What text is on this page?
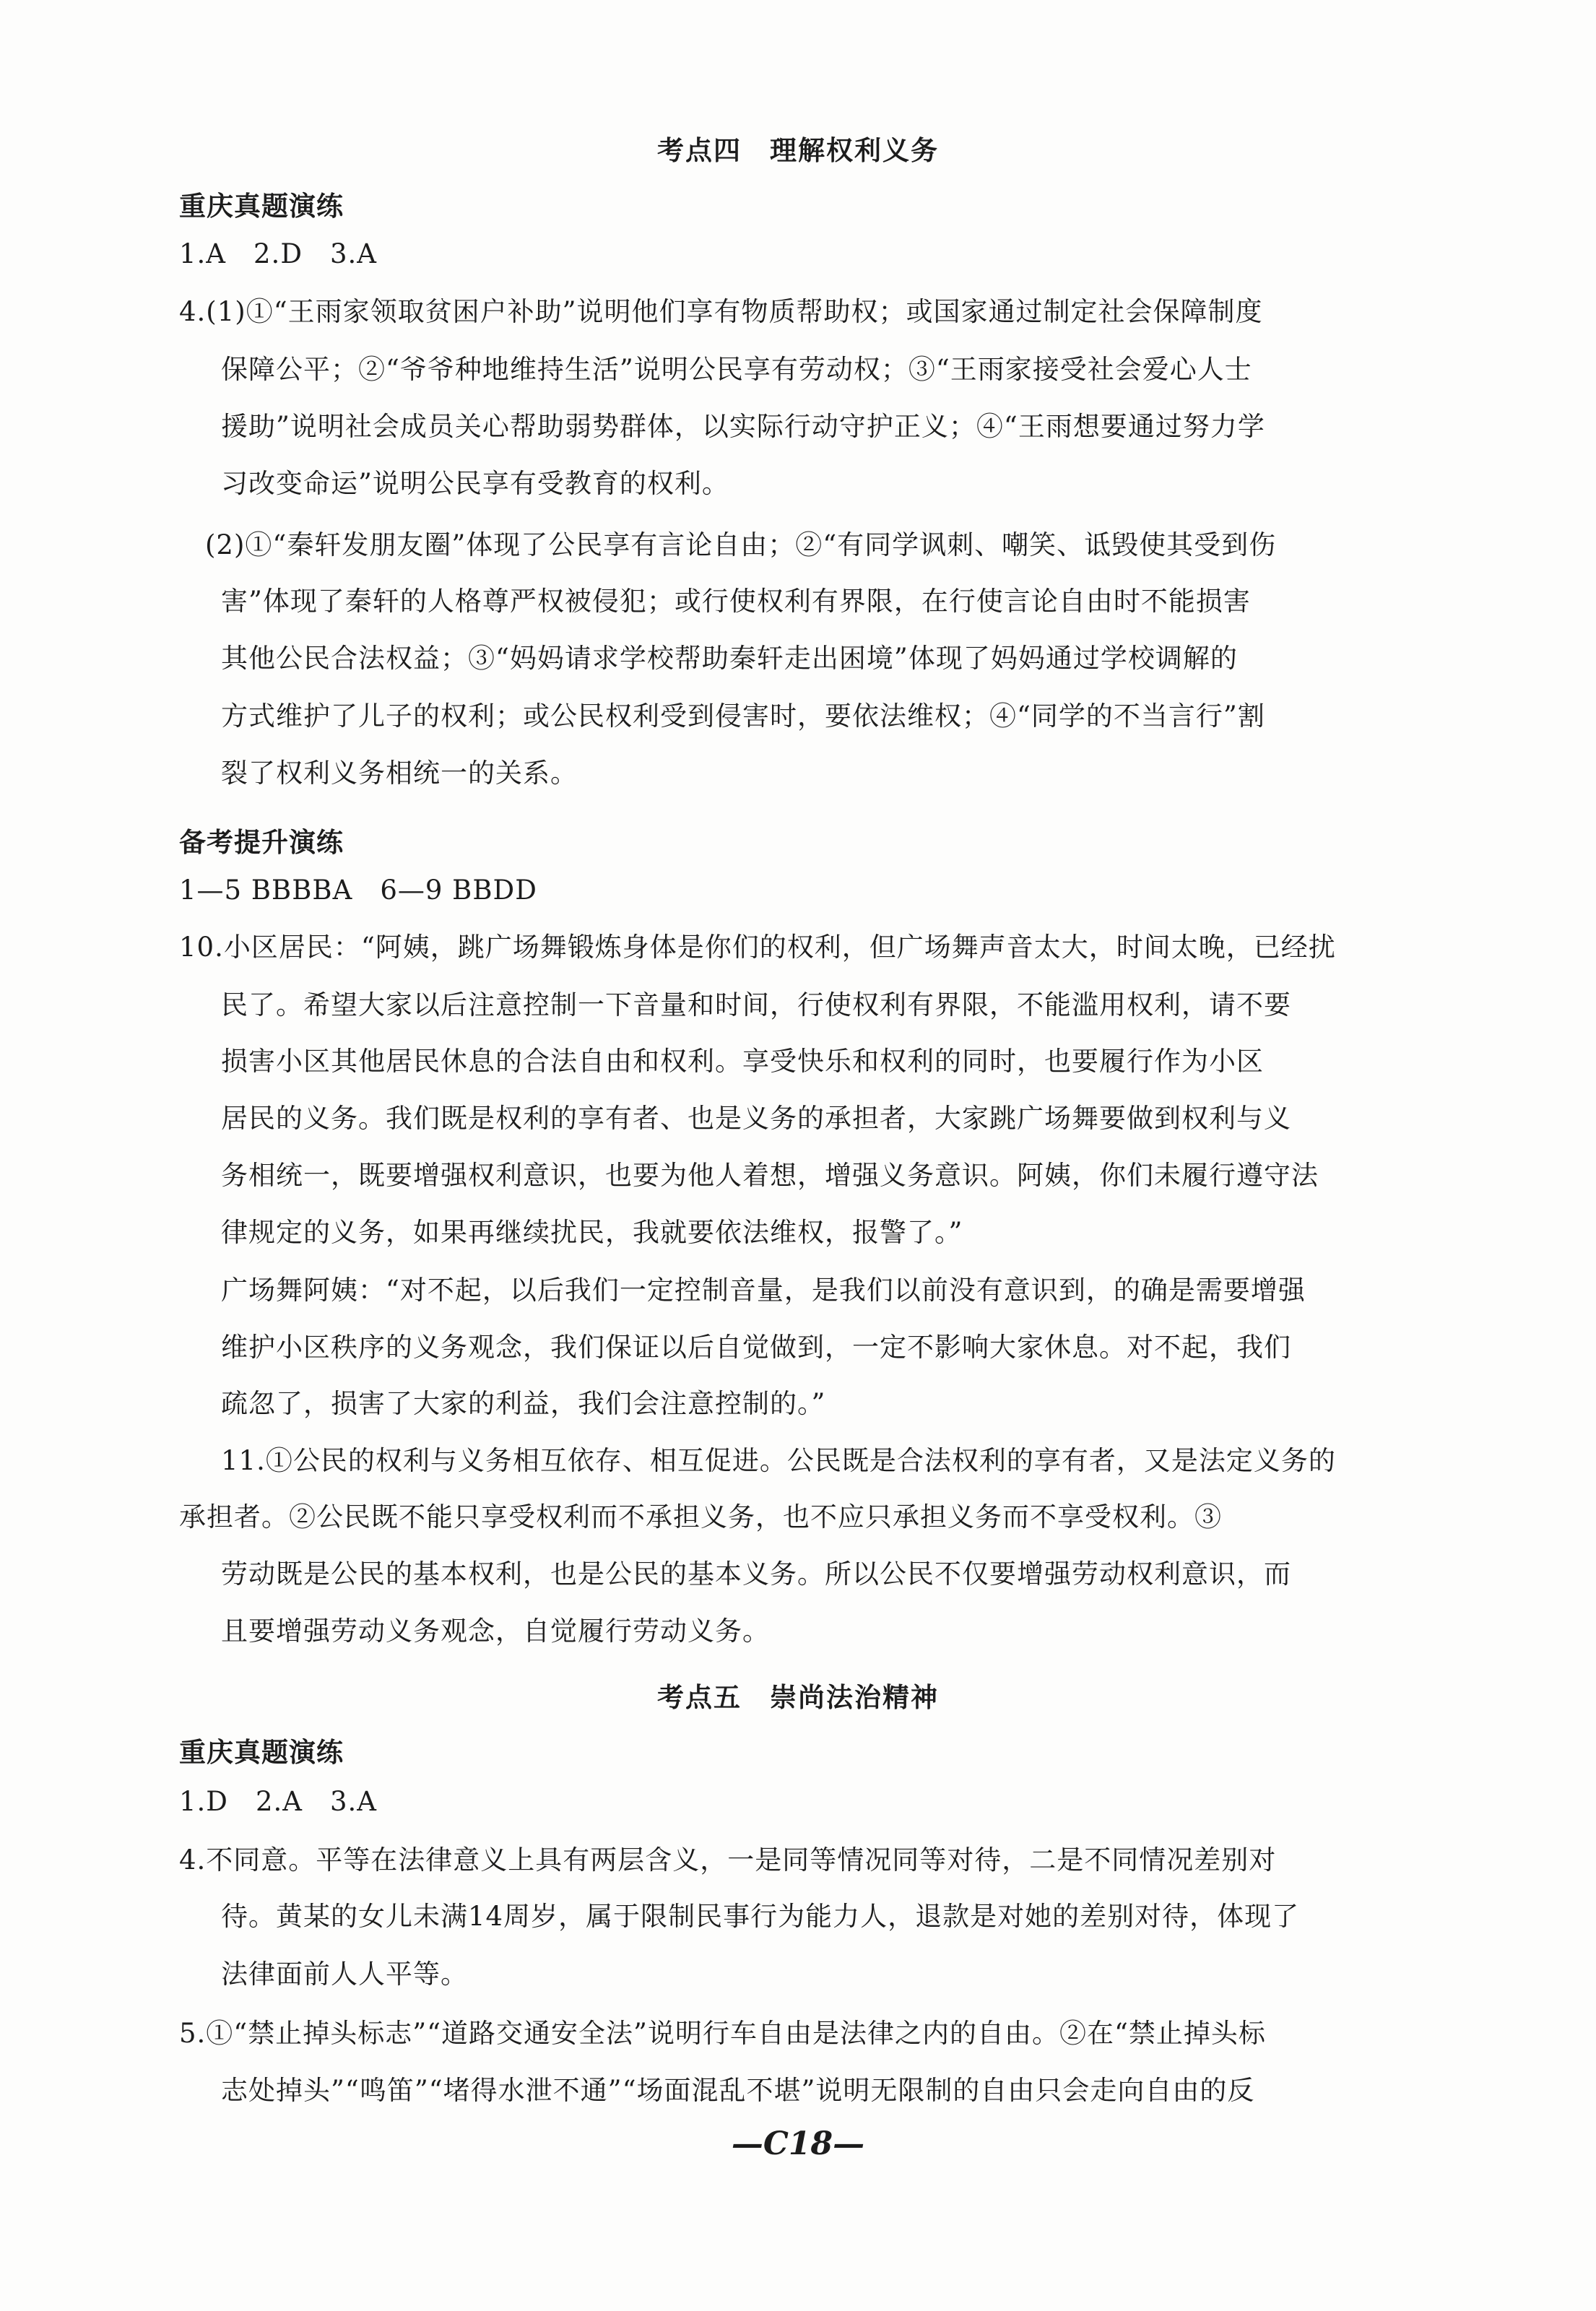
考点四　理解权利义务
重庆真题演练
1.A　2.D　3.A
4.(1)①“王雨家领取贫困户补助”说明他们享有物质帮助权；或国家通过制定社会保障制度
保障公平；②“爷爷种地维持生活”说明公民享有劳动权；③“王雨家接受社会爱心人士
援助”说明社会成员关心帮助弱势群体，以实际行动守护正义；④“王雨想要通过努力学
习改变命运”说明公民享有受教育的权利。
(2)①“秦轩发朋友圈”体现了公民享有言论自由；②“有同学讽刺、嘲笑、诋毁使其受到伤
害”体现了秦轩的人格尊严权被侵犯；或行使权利有界限，在行使言论自由时不能损害
其他公民合法权益；③“妈妈请求学校帮助秦轩走出困境”体现了妈妈通过学校调解的
方式维护了儿子的权利；或公民权利受到侵害时，要依法维权；④“同学的不当言行”割
裂了权利义务相统一的关系。
备考提升演练
1—5 BBBBA　6—9 BBDD
10.小区居民：“阿姨，跳广场舞锻炼身体是你们的权利，但广场舞声音太大，时间太晚，已经扰
民了。希望大家以后注意控制一下音量和时间，行使权利有界限，不能滥用权利，请不要
损害小区其他居民休息的合法自由和权利。享受快乐和权利的同时，也要履行作为小区
居民的义务。我们既是权利的享有者、也是义务的承担者，大家跳广场舞要做到权利与义
务相统一，既要增强权利意识，也要为他人着想，增强义务意识。阿姨，你们未履行遵守法
律规定的义务，如果再继续扰民，我就要依法维权，报警了。”
广场舞阿姨：“对不起，以后我们一定控制音量，是我们以前没有意识到，的确是需要增强
维护小区秩序的义务观念，我们保证以后自觉做到，一定不影响大家休息。对不起，我们
疏忽了，损害了大家的利益，我们会注意控制的。”
11.①公民的权利与义务相互依存、相互促进。公民既是合法权利的享有者，又是法定义务的
承担者。②公民既不能只享受权利而不承担义务，也不应只承担义务而不享受权利。③
劳动既是公民的基本权利，也是公民的基本义务。所以公民不仅要增强劳动权利意识，而
且要增强劳动义务观念，自觉履行劳动义务。
考点五　崇尚法治精神
重庆真题演练
1.D　2.A　3.A
4.不同意。平等在法律意义上具有两层含义，一是同等情况同等对待，二是不同情况差别对
待。黄某的女儿未满14周岁，属于限制民事行为能力人，退款是对她的差别对待，体现了
法律面前人人平等。
5.①“禁止掉头标志”“道路交通安全法”说明行车自由是法律之内的自由。②在“禁止掉头标
志处掉头”“鸣笛”“堵得水泄不通”“场面混乱不堪”说明无限制的自由只会走向自由的反
—C18—
